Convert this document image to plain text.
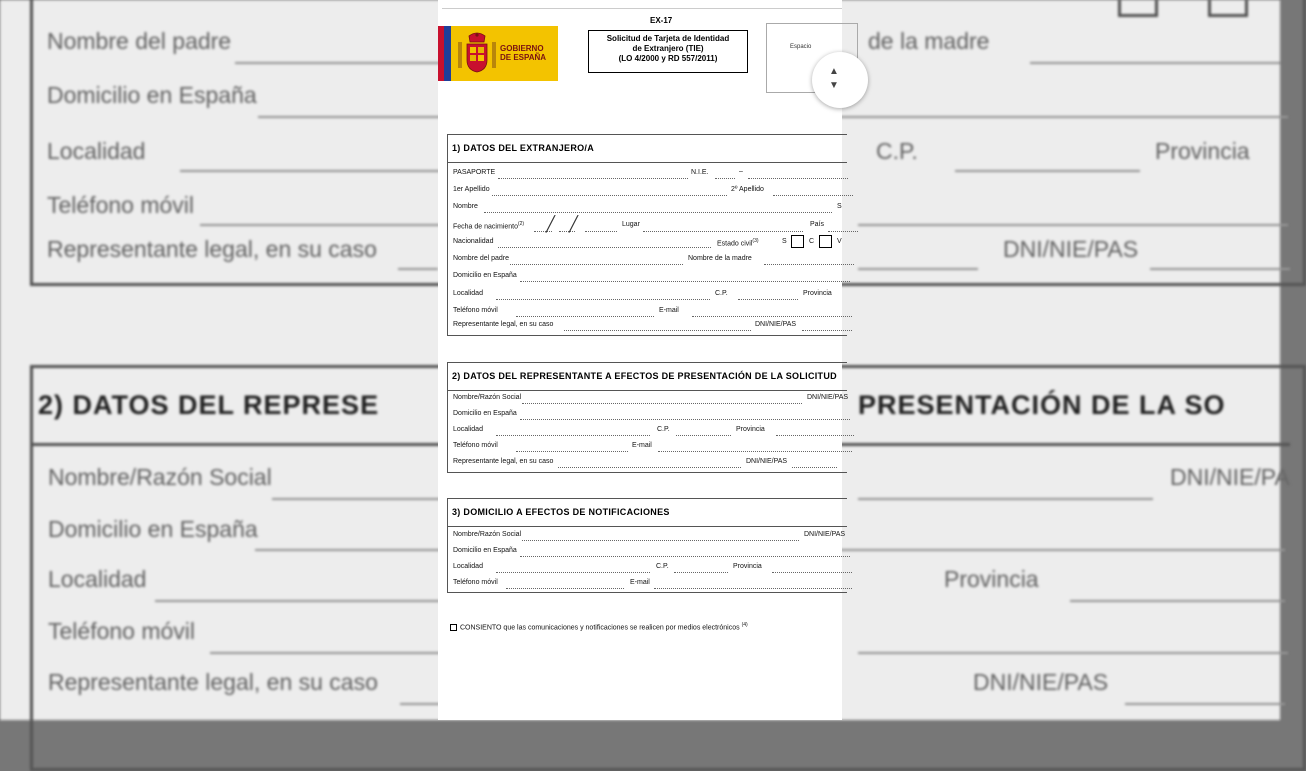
Nombre del padre	de la madre
Domicilio en España
Localidad	C.P.	Provincia
Teléfono móvil
Representante legal, en su caso	DNI/NIE/PAS
2) DATOS DEL REPRESE	PRESENTACIÓN DE LA SO
Nombre/Razón Social	DNI/NIE/PA
Domicilio en España
Localidad	Provincia
Teléfono móvil
Representante legal, en su caso	DNI/NIE/PAS
GOBIERNO
DE ESPAÑA
EX-17
Solicitud de Tarjeta de Identidad
de Extranjero (TIE)
(LO 4/2000 y RD 557/2011)
Espacio
▲
▼
1) DATOS DEL EXTRANJERO/A
PASAPORTE	N.I.E.	–
1er Apellido	2º Apellido
Nombre	S
Fecha de nacimiento$^{(2)}$ ╱ ╱	Lugar	País
Nacionalidad	Estado civil$^{(3)}$	S	C	V
Nombre del padre	Nombre de la madre
Domicilio en España
Localidad	C.P.	Provincia
Teléfono móvil	E-mail
Representante legal, en su caso	DNI/NIE/PAS
2) DATOS DEL REPRESENTANTE A EFECTOS DE PRESENTACIÓN DE LA SOLICITUD
Nombre/Razón Social	DNI/NIE/PAS
Domicilio en España
Localidad	C.P.	Provincia
Teléfono móvil	E-mail
Representante legal, en su caso	DNI/NIE/PAS
3) DOMICILIO A EFECTOS DE NOTIFICACIONES
Nombre/Razón Social	DNI/NIE/PAS
Domicilio en España
Localidad	C.P.	Provincia
Teléfono móvil	E-mail
CONSIENTO que las comunicaciones y notificaciones se realicen por medios electrónicos $^{(4)}$
